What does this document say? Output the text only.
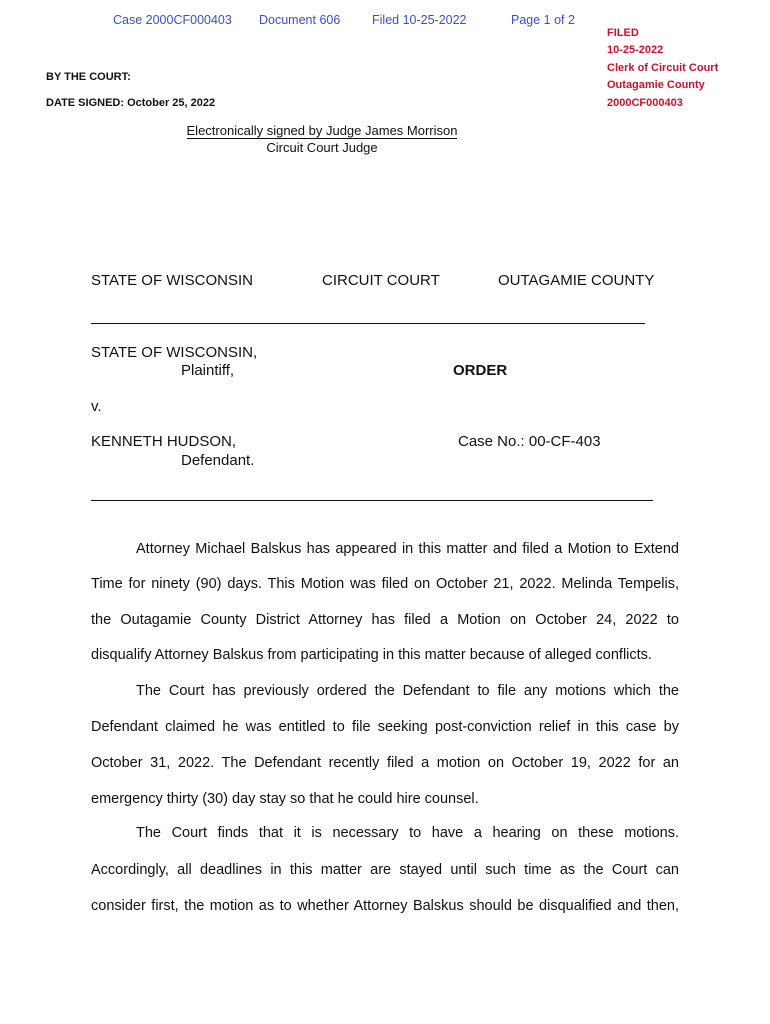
Case 2000CF000403 Document 606	Filed 10-25-2022	Page 1 of 2
FILED
10-25-2022
Clerk of Circuit Court
Outagamie County
2000CF000403
BY THE COURT:
DATE SIGNED: October 25, 2022
Electronically signed by Judge James Morrison
Circuit Court Judge
STATE OF WISCONSIN	CIRCUIT COURT	OUTAGAMIE COUNTY
STATE OF WISCONSIN,
Plaintiff,	ORDER
v.
KENNETH HUDSON,
Defendant.
Case No.: 00-CF-403
Attorney Michael Balskus has appeared in this matter and filed a Motion to Extend
Time for ninety (90) days. This Motion was filed on October 21, 2022. Melinda Tempelis,
the Outagamie County District Attorney has filed a Motion on October 24, 2022 to
disqualify Attorney Balskus from participating in this matter because of alleged conflicts.
The Court has previously ordered the Defendant to file any motions which the
Defendant claimed he was entitled to file seeking post-conviction relief in this case by
October 31, 2022. The Defendant recently filed a motion on October 19, 2022 for an
emergency thirty (30) day stay so that he could hire counsel.
The Court finds that it is necessary to have a hearing on these motions.
Accordingly, all deadlines in this matter are stayed until such time as the Court can
consider first, the motion as to whether Attorney Balskus should be disqualified and then,
